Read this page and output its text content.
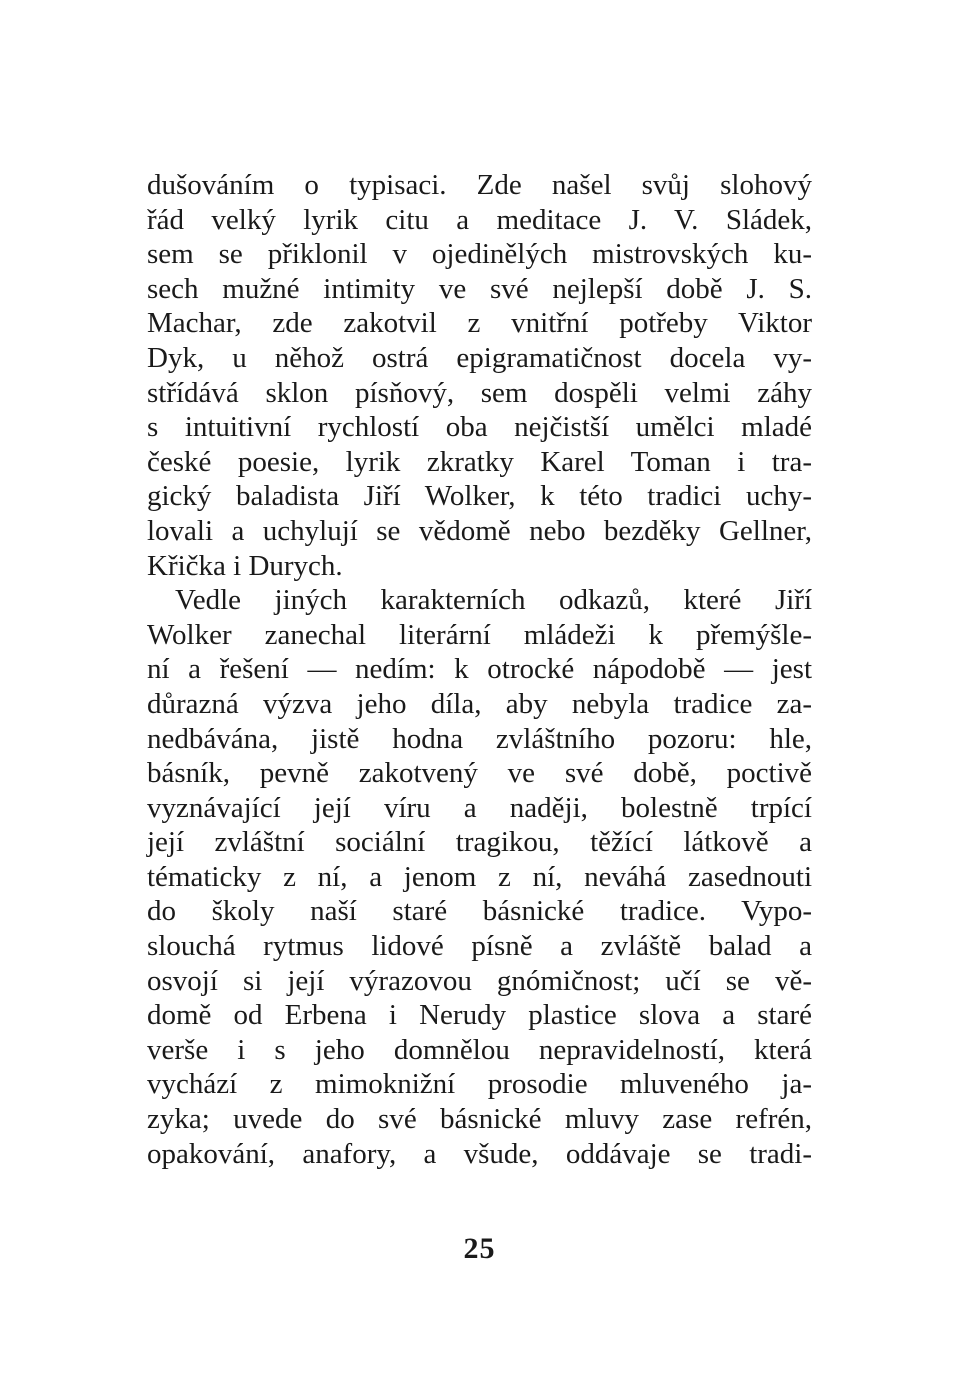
dušováním o typisaci. Zde našel svůj slohový
řád velký lyrik citu a meditace J. V. Sládek,
sem se přiklonil v ojedinělých mistrovských ku-
sech mužné intimity ve své nejlepší době J. S.
Machar, zde zakotvil z vnitřní potřeby Viktor
Dyk, u něhož ostrá epigramatičnost docela vy-
střídává sklon písňový, sem dospěli velmi záhy
s intuitivní rychlostí oba nejčistší umělci mladé
české poesie, lyrik zkratky Karel Toman i tra-
gický baladista Jiří Wolker, k této tradici uchy-
lovali a uchylují se vědomě nebo bezděky Gellner,
Křička i Durych.
Vedle jiných karakterních odkazů, které Jiří
Wolker zanechal literární mládeži k přemýšle-
ní a řešení — nedím: k otrocké nápodobě — jest
důrazná výzva jeho díla, aby nebyla tradice za-
nedbávána, jistě hodna zvláštního pozoru: hle,
básník, pevně zakotvený ve své době, poctivě
vyznávající její víru a naději, bolestně trpící
její zvláštní sociální tragikou, těžící látkově a
tématicky z ní, a jenom z ní, neváhá zasednouti
do školy naší staré básnické tradice. Vypo-
slouchá rytmus lidové písně a zvláště balad a
osvojí si její výrazovou gnómičnost; učí se vě-
domě od Erbena i Nerudy plastice slova a staré
verše i s jeho domnělou nepravidelností, která
vychází z mimoknižní prosodie mluveného ja-
zyka; uvede do své básnické mluvy zase refrén,
opakování, anafory, a všude, oddávaje se tradi-
25
